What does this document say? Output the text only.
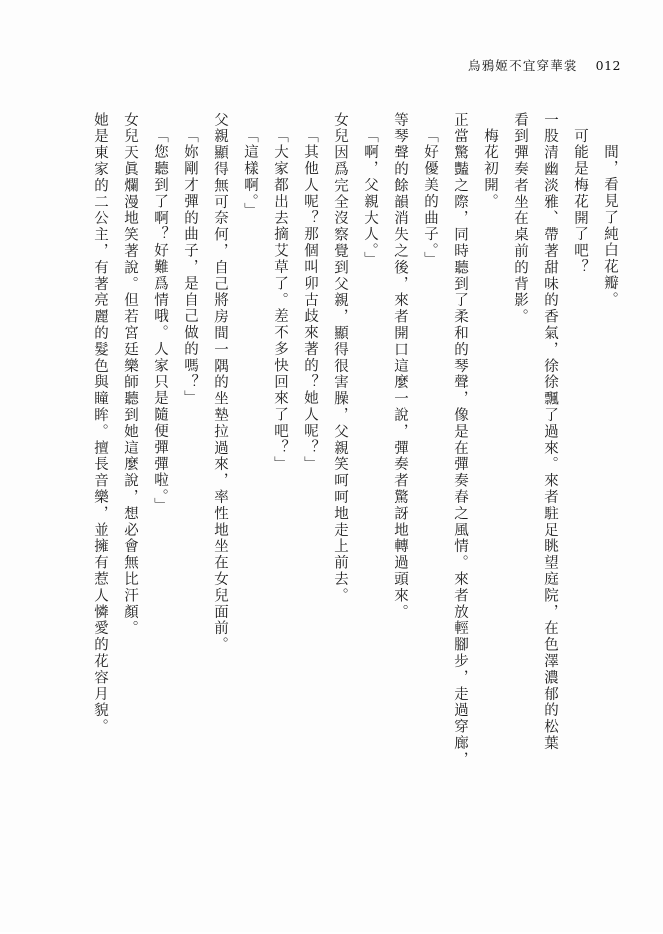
烏鴉姬不宜穿華裳 012
間，看見了純白花瓣。
可能是梅花開了吧？
一股清幽淡雅、帶著甜味的香氣，徐徐飄了過來。來者駐足眺望庭院，在色澤濃郁的松葉
看到彈奏者坐在桌前的背影。
梅花初開。
正當驚豔之際，同時聽到了柔和的琴聲，像是在彈奏春之風情。來者放輕腳步，走過穿廊，
「好優美的曲子。」
等琴聲的餘韻消失之後，來者開口這麼一說，彈奏者驚訝地轉過頭來。
「啊，父親大人。」
女兒因爲完全沒察覺到父親，顯得很害臊，父親笑呵呵地走上前去。
「其他人呢？那個叫卯古歧來著的？她人呢？」
「大家都出去摘艾草了。差不多快回來了吧？」
「這樣啊。」
父親顯得無可奈何，自己將房間一隅的坐墊拉過來，率性地坐在女兒面前。
「妳剛才彈的曲子，是自己做的嗎？」
「您聽到了啊？好難爲情哦。人家只是隨便彈彈啦。」
女兒天眞爛漫地笑著說。但若宮廷樂師聽到她這麼說，想必會無比汗顏。
她是東家的二公主，有著亮麗的髮色與瞳眸。擅長音樂，並擁有惹人憐愛的花容月貌。
